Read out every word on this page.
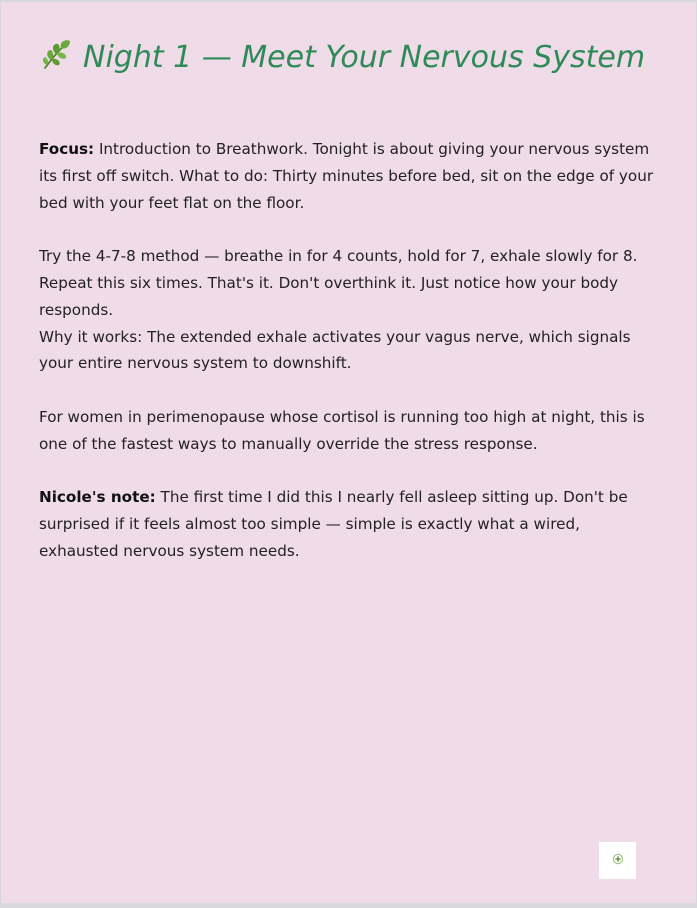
Night 1 — Meet Your Nervous System

Focus: Introduction to Breathwork. Tonight is about giving your nervous system its first off switch. What to do: Thirty minutes before bed, sit on the edge of your bed with your feet flat on the floor.

Try the 4-7-8 method — breathe in for 4 counts, hold for 7, exhale slowly for 8. Repeat this six times. That's it. Don't overthink it. Just notice how your body responds.

Why it works: The extended exhale activates your vagus nerve, which signals your entire nervous system to downshift.

For women in perimenopause whose cortisol is running too high at night, this is one of the fastest ways to manually override the stress response.

Nicole's note: The first time I did this I nearly fell asleep sitting up. Don't be surprised if it feels almost too simple — simple is exactly what a wired, exhausted nervous system needs.
